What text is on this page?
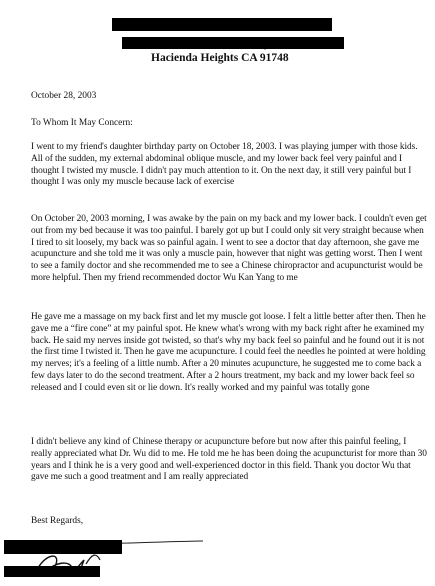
Hacienda Heights CA 91748
October 28, 2003
To Whom It May Concern:
I went to my friend's daughter birthday party on October 18, 2003. I was playing jumper with those kids. All of the sudden, my external abdominal oblique muscle, and my lower back feel very painful and I thought I twisted my muscle. I didn't pay much attention to it. On the next day, it still very painful but I thought I was only my muscle because lack of exercise
On October 20, 2003 morning, I was awake by the pain on my back and my lower back. I couldn't even get out from my bed because it was too painful. I barely got up but I could only sit very straight because when I tired to sit loosely, my back was so painful again. I went to see a doctor that day afternoon, she gave me acupuncture and she told me it was only a muscle pain, however that night was getting worst. Then I went to see a family doctor and she recommended me to see a Chinese chiropractor and acupuncturist would be more helpful. Then my friend recommended doctor Wu Kan Yang to me
He gave me a massage on my back first and let my muscle got loose. I felt a little better after then. Then he gave me a “fire cone” at my painful spot. He knew what's wrong with my back right after he examined my back. He said my nerves inside got twisted, so that's why my back feel so painful and he found out it is not the first time I twisted it. Then he gave me acupuncture. I could feel the needles he pointed at were holding my nerves; it's a feeling of a little numb. After a 20 minutes acupuncture, he suggested me to come back a few days later to do the second treatment. After a 2 hours treatment, my back and my lower back feel so released and I could even sit or lie down. It's really worked and my painful was totally gone
I didn't believe any kind of Chinese therapy or acupuncture before but now after this painful feeling, I really appreciated what Dr. Wu did to me. He told me he has been doing the acupuncturist for more than 30 years and I think he is a very good and well-experienced doctor in this field. Thank you doctor Wu that gave me such a good treatment and I am really appreciated
Best Regards,
